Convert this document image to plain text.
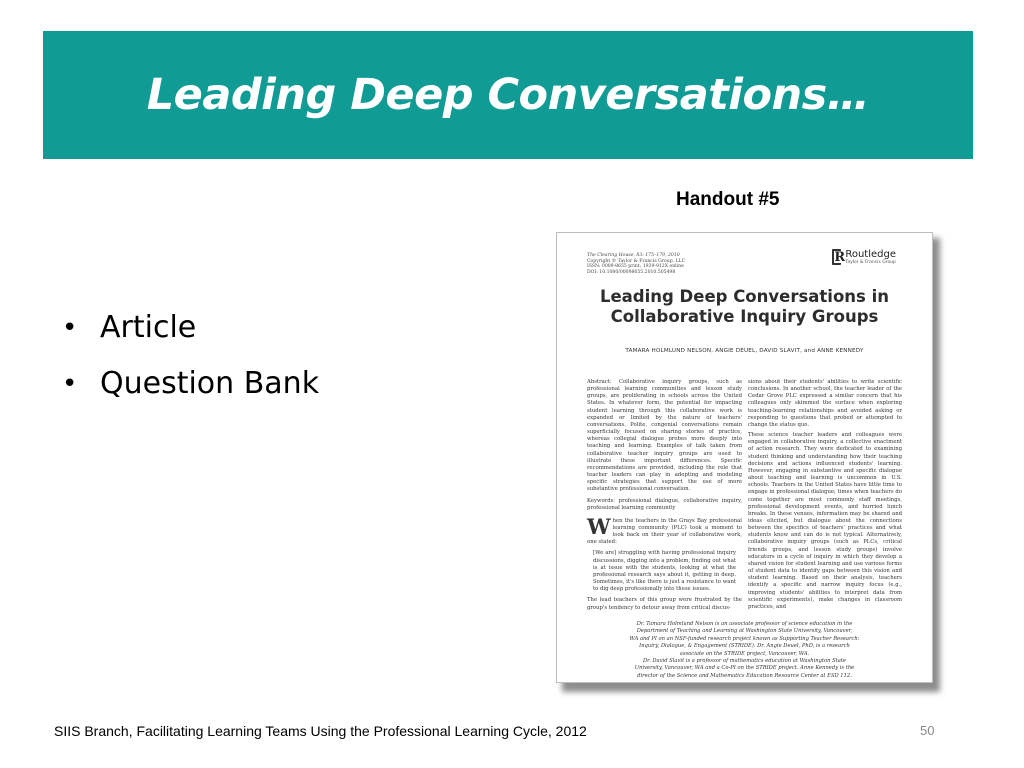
Leading Deep Conversations…
Handout #5
• Article
• Question Bank
The Clearing House, 83: 175–179, 2010
Copyright © Taylor & Francis Group, LLC
ISSN: 0009-8655 print; 1939-912X online
DOI: 10.1080/00098655.2010.505498
R Routledge
Taylor & Francis Group
Leading Deep Conversations in
Collaborative Inquiry Groups
TAMARA HOLMLUND NELSON, ANGIE DEUEL, DAVID SLAVIT, and ANNE KENNEDY

Abstract: Collaborative inquiry groups, such as professional learning communities and lesson study groups, are proliferating in schools across the United States. In whatever form, the potential for impacting student learning through this collaborative work is expanded or limited by the nature of teachers' conversations. Polite, congenial conversations remain superficially focused on sharing stories of practice, whereas collegial dialogue probes more deeply into teaching and learning. Examples of talk taken from collaborative teacher inquiry groups are used to illustrate these important differences. Specific recommendations are provided, including the role that teacher leaders can play in adopting and modeling specific strategies that support the use of more substantive professional conversation.

Keywords: professional dialogue, collaborative inquiry, professional learning community

When the teachers in the Grays Bay professional learning community (PLC) took a moment to look back on their year of collaborative work, one stated:

[We are] struggling with having professional inquiry discussions, digging into a problem, finding out what is at issue with the students, looking at what the professional research says about it, getting in deep. Sometimes, it's like there is just a resistance to want to dig deep professionally into these issues.

The lead teachers of this group were frustrated by the group's tendency to detour away from critical discus-

sions about their students' abilities to write scientific conclusions. In another school, the teacher leader of the Cedar Grove PLC expressed a similar concern that his colleagues only skimmed the surface when exploring teaching-learning relationships and avoided asking or responding to questions that probed or attempted to change the status quo.

These science teacher leaders and colleagues were engaged in collaborative inquiry, a collective enactment of action research. They were dedicated to examining student thinking and understanding how their teaching decisions and actions influenced students' learning. However, engaging in substantive and specific dialogue about teaching and learning is uncommon in U.S. schools. Teachers in the United States have little time to engage in professional dialogue; times when teachers do come together are most commonly staff meetings, professional development events, and hurried lunch breaks. In these venues, information may be shared and ideas elicited, but dialogue about the connections between the specifics of teachers' practices and what students know and can do is not typical. Alternatively, collaborative inquiry groups (such as PLCs, critical friends groups, and lesson study groups) involve educators in a cycle of inquiry in which they develop a shared vision for student learning and use various forms of student data to identify gaps between this vision and student learning. Based on their analysis, teachers identify a specific and narrow inquiry focus (e.g., improving students' abilities to interpret data from scientific experiments), make changes in classroom practices, and

Dr. Tamara Holmlund Nelson is an associate professor of science education in the
Department of Teaching and Learning at Washington State University, Vancouver,
WA and PI on an NSF-funded research project known as Supporting Teacher Research:
Inquiry, Dialogue, & Engagement (STRIDE). Dr. Angie Deuel, PhD, is a research
associate on the STRIDE project, Vancouver, WA.
Dr. David Slavit is a professor of mathematics education at Washington State
University, Vancouver, WA and a Co-PI on the STRIDE project. Anne Kennedy is the
director of the Science and Mathematics Education Resource Center at ESD 112.
SIIS Branch, Facilitating Learning Teams Using the Professional Learning Cycle, 2012	50
